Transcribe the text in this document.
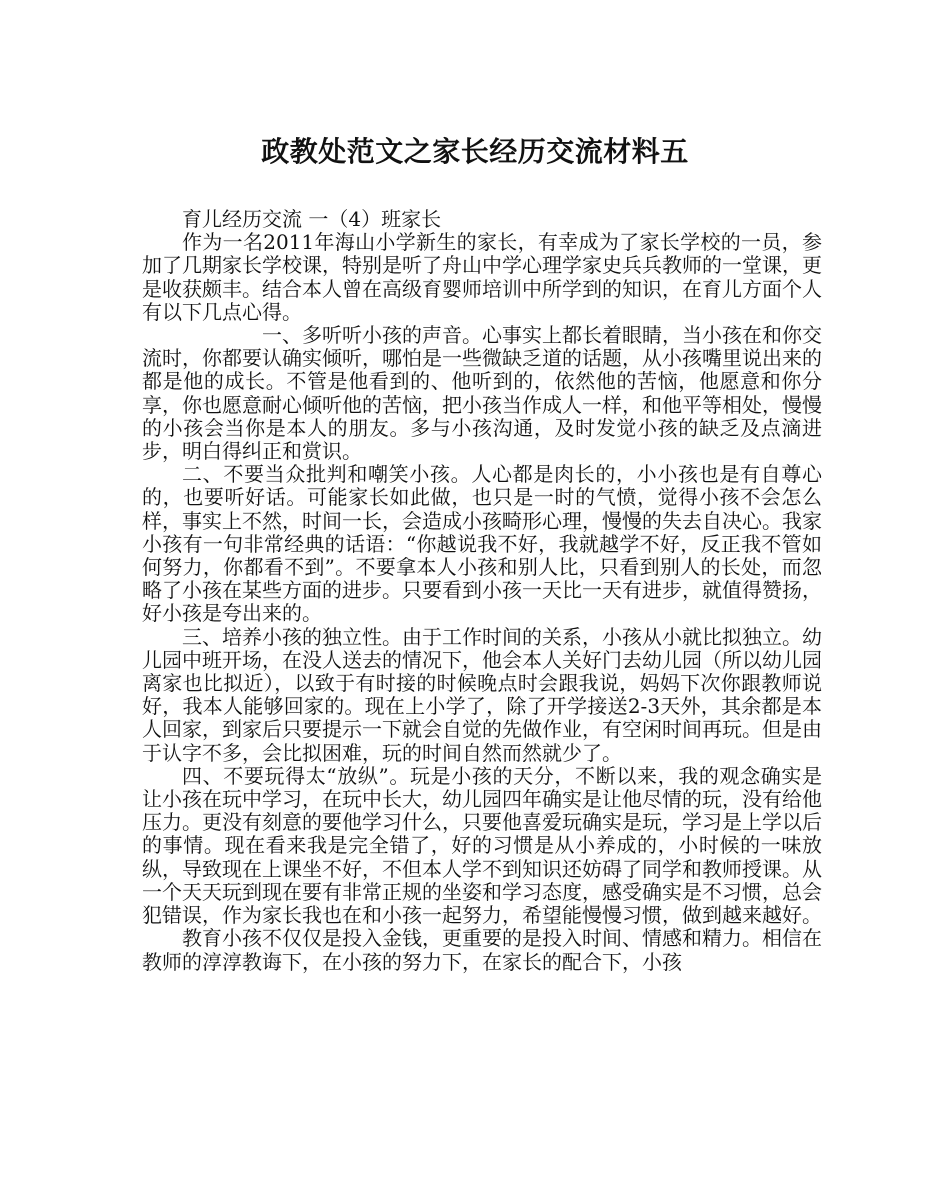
政教处范文之家长经历交流材料五

育儿经历交流 一（4）班家长

作为一名2011年海山小学新生的家长，有幸成为了家长学校的一员，参加了几期家长学校课，特别是听了舟山中学心理学家史兵兵教师的一堂课，更是收获颇丰。结合本人曾在高级育婴师培训中所学到的知识，在育儿方面个人有以下几点心得。

一、多听听小孩的声音。心事实上都长着眼睛，当小孩在和你交流时，你都要认确实倾听，哪怕是一些微缺乏道的话题，从小孩嘴里说出来的都是他的成长。不管是他看到的、他听到的，依然他的苦恼，他愿意和你分享，你也愿意耐心倾听他的苦恼，把小孩当作成人一样，和他平等相处，慢慢的小孩会当你是本人的朋友。多与小孩沟通，及时发觉小孩的缺乏及点滴进步，明白得纠正和赏识。

二、不要当众批判和嘲笑小孩。人心都是肉长的，小小孩也是有自尊心的，也要听好话。可能家长如此做，也只是一时的气愤，觉得小孩不会怎么样，事实上不然，时间一长，会造成小孩畸形心理，慢慢的失去自决心。我家小孩有一句非常经典的话语：“你越说我不好，我就越学不好，反正我不管如何努力，你都看不到”。不要拿本人小孩和别人比，只看到别人的长处，而忽略了小孩在某些方面的进步。只要看到小孩一天比一天有进步，就值得赞扬，好小孩是夸出来的。

三、培养小孩的独立性。由于工作时间的关系，小孩从小就比拟独立。幼儿园中班开场，在没人送去的情况下，他会本人关好门去幼儿园（所以幼儿园离家也比拟近），以致于有时接的时候晚点时会跟我说，妈妈下次你跟教师说好，我本人能够回家的。现在上小学了，除了开学接送2-3天外，其余都是本人回家，到家后只要提示一下就会自觉的先做作业，有空闲时间再玩。但是由于认字不多，会比拟困难，玩的时间自然而然就少了。

四、不要玩得太“放纵”。玩是小孩的天分，不断以来，我的观念确实是让小孩在玩中学习，在玩中长大，幼儿园四年确实是让他尽情的玩，没有给他压力。更没有刻意的要他学习什么，只要他喜爱玩确实是玩，学习是上学以后的事情。现在看来我是完全错了，好的习惯是从小养成的，小时候的一味放纵，导致现在上课坐不好，不但本人学不到知识还妨碍了同学和教师授课。从一个天天玩到现在要有非常正规的坐姿和学习态度，感受确实是不习惯，总会犯错误，作为家长我也在和小孩一起努力，希望能慢慢习惯，做到越来越好。

教育小孩不仅仅是投入金钱，更重要的是投入时间、情感和精力。相信在教师的淳淳教诲下，在小孩的努力下，在家长的配合下，小孩
